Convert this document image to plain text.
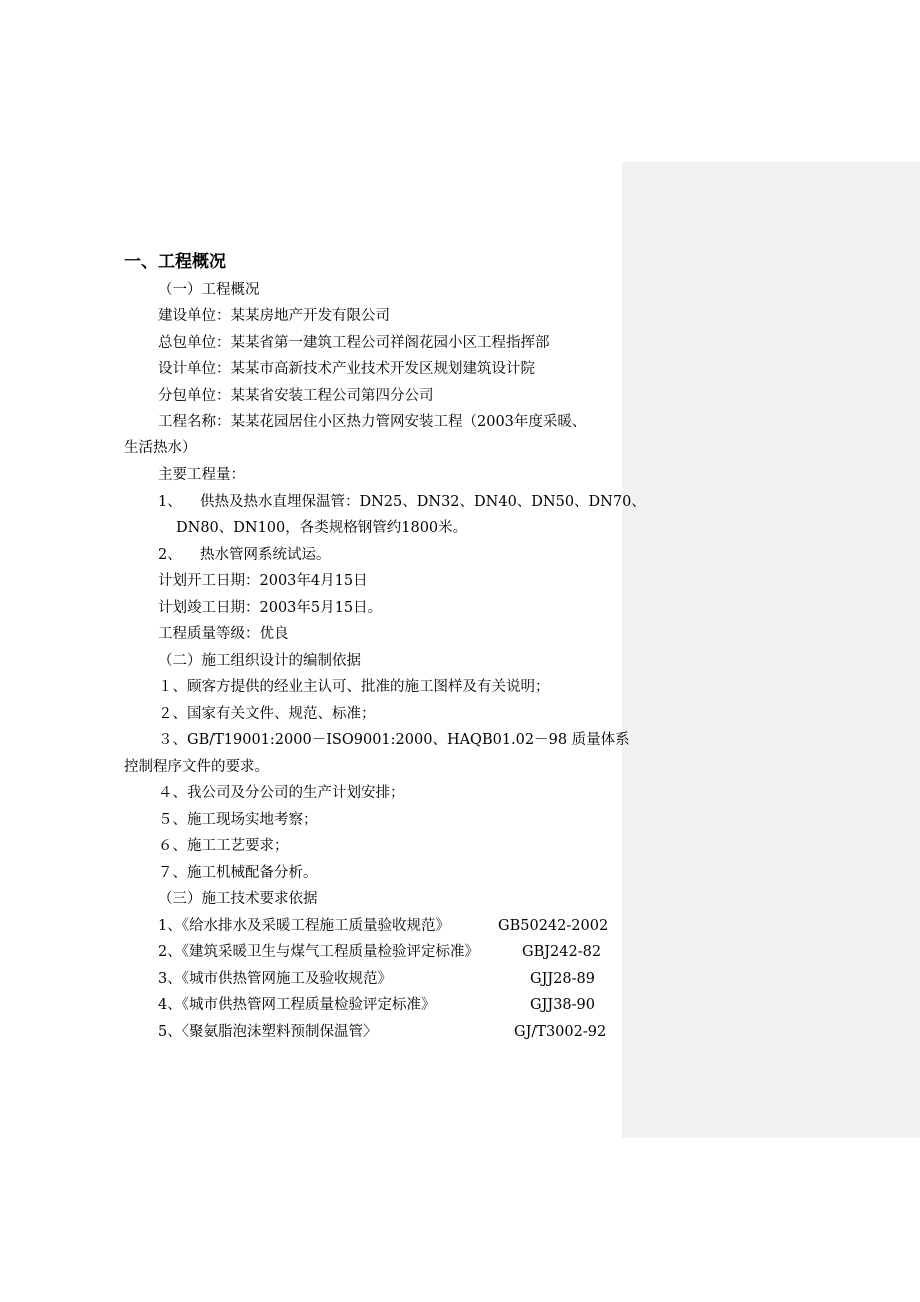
一、工程概况
（一）工程概况
建设单位：某某房地产开发有限公司
总包单位：某某省第一建筑工程公司祥阁花园小区工程指挥部
设计单位：某某市高新技术产业技术开发区规划建筑设计院
分包单位：某某省安装工程公司第四分公司
工程名称：某某花园居住小区热力管网安装工程（2003年度采暖、
生活热水）
主要工程量：
1、 供热及热水直埋保温管：DN25、DN32、DN40、DN50、DN70、
DN80、DN100，各类规格钢管约1800米。
2、 热水管网系统试运。
计划开工日期：2003年4月15日
计划竣工日期：2003年5月15日。
工程质量等级：优良
（二）施工组织设计的编制依据
１、顾客方提供的经业主认可、批准的施工图样及有关说明；
２、国家有关文件、规范、标准；
３、GB/T19001:2000－ISO9001:2000、HAQB01.02－98 质量体系
控制程序文件的要求。
４、我公司及分公司的生产计划安排；
５、施工现场实地考察；
６、施工工艺要求；
７、施工机械配备分析。
（三）施工技术要求依据
1、《给水排水及采暖工程施工质量验收规范》	GB50242-2002
2、《建筑采暖卫生与煤气工程质量检验评定标准》	GBJ242-82
3、《城市供热管网施工及验收规范》	GJJ28-89
4、《城市供热管网工程质量检验评定标准》	GJJ38-90
5、〈聚氨脂泡沫塑料预制保温管〉	GJ/T3002-92
